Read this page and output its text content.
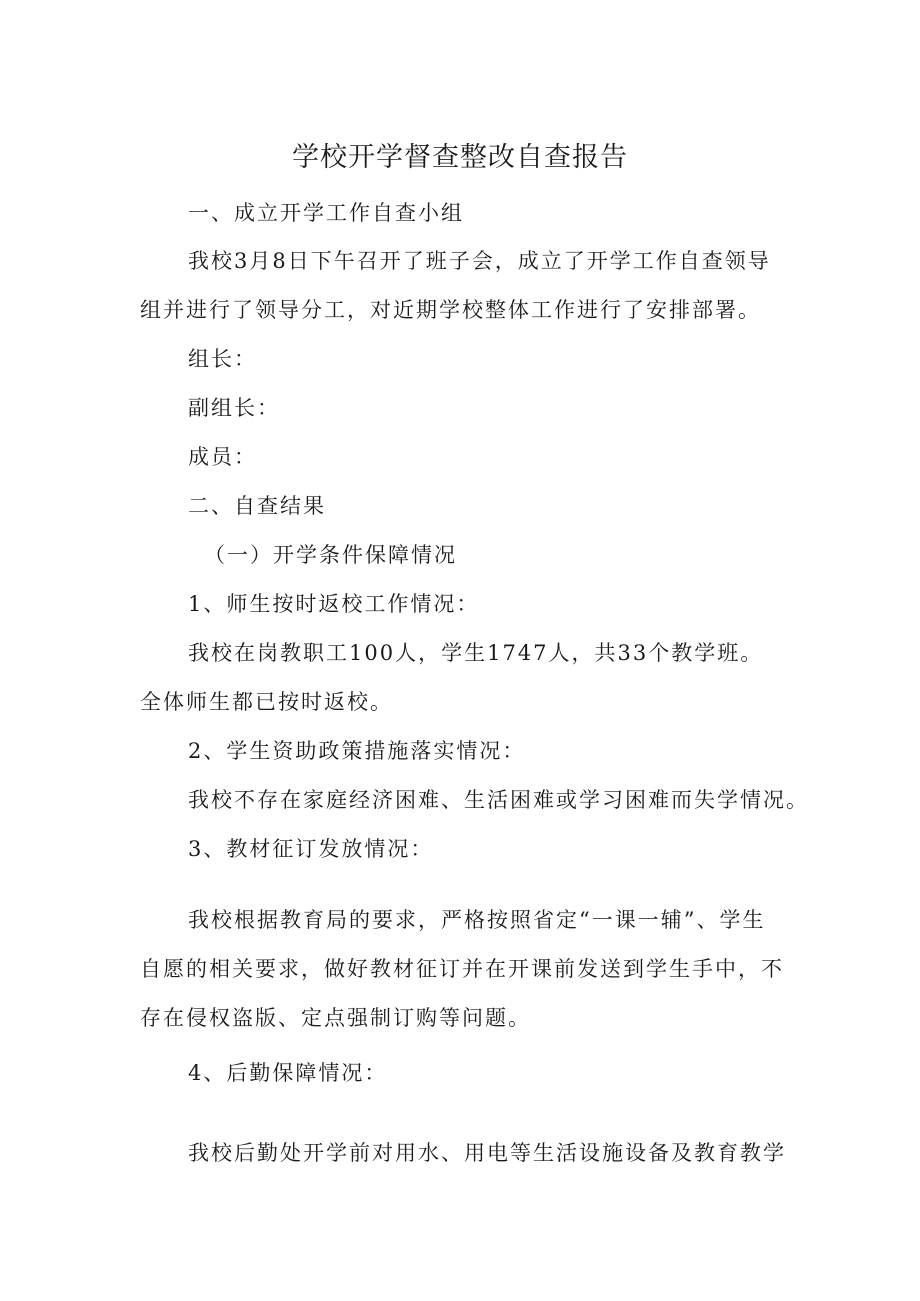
学校开学督查整改自查报告

一、成立开学工作自查小组

我校3月8日下午召开了班子会，成立了开学工作自查领导

组并进行了领导分工，对近期学校整体工作进行了安排部署。

组长：

副组长：

成员：

二、自查结果

（一）开学条件保障情况

1、师生按时返校工作情况：

我校在岗教职工100人，学生1747人，共33个教学班。

全体师生都已按时返校。

2、学生资助政策措施落实情况：

我校不存在家庭经济困难、生活困难或学习困难而失学情况。

3、教材征订发放情况：

我校根据教育局的要求，严格按照省定“一课一辅”、学生

自愿的相关要求，做好教材征订并在开课前发送到学生手中，不

存在侵权盗版、定点强制订购等问题。

4、后勤保障情况：

我校后勤处开学前对用水、用电等生活设施设备及教育教学
